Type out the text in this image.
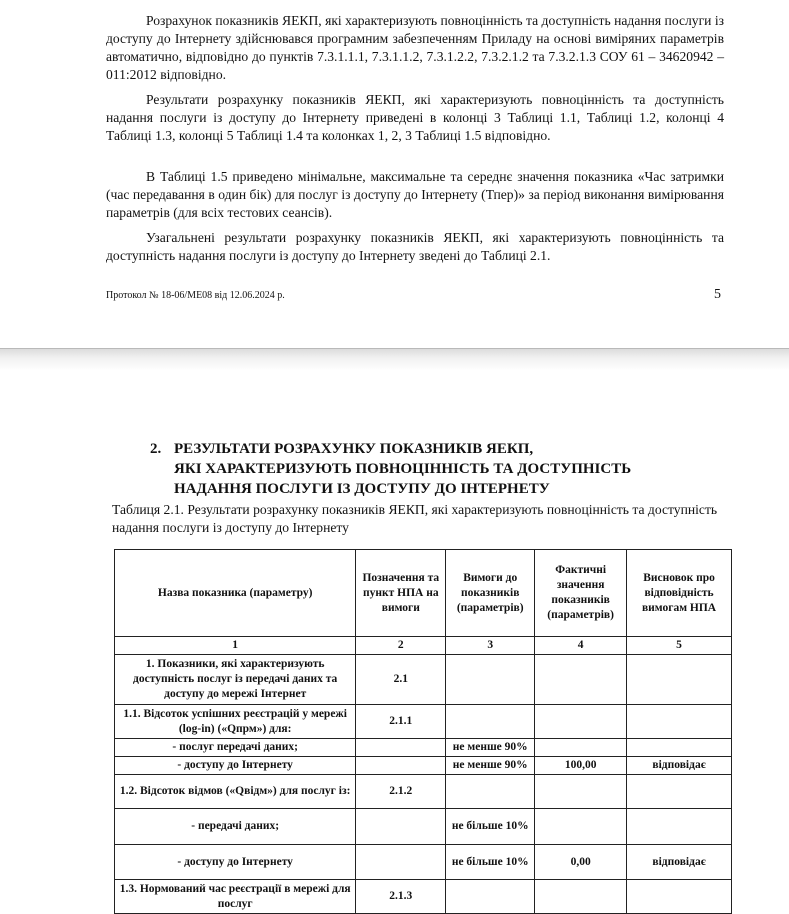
Розрахунок показників ЯЕКП, які характеризують повноцінність та доступність надання послуги із доступу до Інтернету здійснювався програмним забезпеченням Приладу на основі виміряних параметрів автоматично, відповідно до пунктів 7.3.1.1.1, 7.3.1.1.2, 7.3.1.2.2, 7.3.2.1.2 та 7.3.2.1.3 СОУ 61 – 34620942 – 011:2012 відповідно.

Результати розрахунку показників ЯЕКП, які характеризують повноцінність та доступність надання послуги із доступу до Інтернету приведені в колонці 3 Таблиці 1.1, Таблиці 1.2, колонці 4 Таблиці 1.3, колонці 5 Таблиці 1.4 та колонках 1, 2, 3 Таблиці 1.5 відповідно.

В Таблиці 1.5 приведено мінімальне, максимальне та середнє значення показника «Час затримки (час передавання в один бік) для послуг із доступу до Інтернету (Тпер)» за період виконання вимірювання параметрів (для всіх тестових сеансів).

Узагальнені результати розрахунку показників ЯЕКП, які характеризують повноцінність та доступність надання послуги із доступу до Інтернету зведені до Таблиці 2.1.

Протокол № 18-06/МЕ08 від 12.06.2024 р.	5
2. РЕЗУЛЬТАТИ РОЗРАХУНКУ ПОКАЗНИКІВ ЯЕКП,
ЯКІ ХАРАКТЕРИЗУЮТЬ ПОВНОЦІННІСТЬ ТА ДОСТУПНІСТЬ
НАДАННЯ ПОСЛУГИ ІЗ ДОСТУПУ ДО ІНТЕРНЕТУ

Таблиця 2.1. Результати розрахунку показників ЯЕКП, які характеризують повноцінність та доступність надання послуги із доступу до Інтернету

Назва показника (параметру)	Позначення та пункт НПА на вимоги	Вимоги до показників (параметрів)	Фактичні значення показників (параметрів)	Висновок про відповідність вимогам НПА
1	2	3	4	5
1. Показники, які характеризують доступність послуг із передачі даних та доступу до мережі Інтернет	2.1			
1.1. Відсоток успішних реєстрацій у мережі (log-in) («Qпрм») для:	2.1.1			
- послуг передачі даних;		не менше 90%		
- доступу до Інтернету		не менше 90%	100,00	відповідає
1.2. Відсоток відмов («Qвідм») для послуг із:	2.1.2			
- передачі даних;		не більше 10%		
- доступу до Інтернету		не більше 10%	0,00	відповідає
1.3. Нормований час реєстрації в мережі для послуг	2.1.3			
